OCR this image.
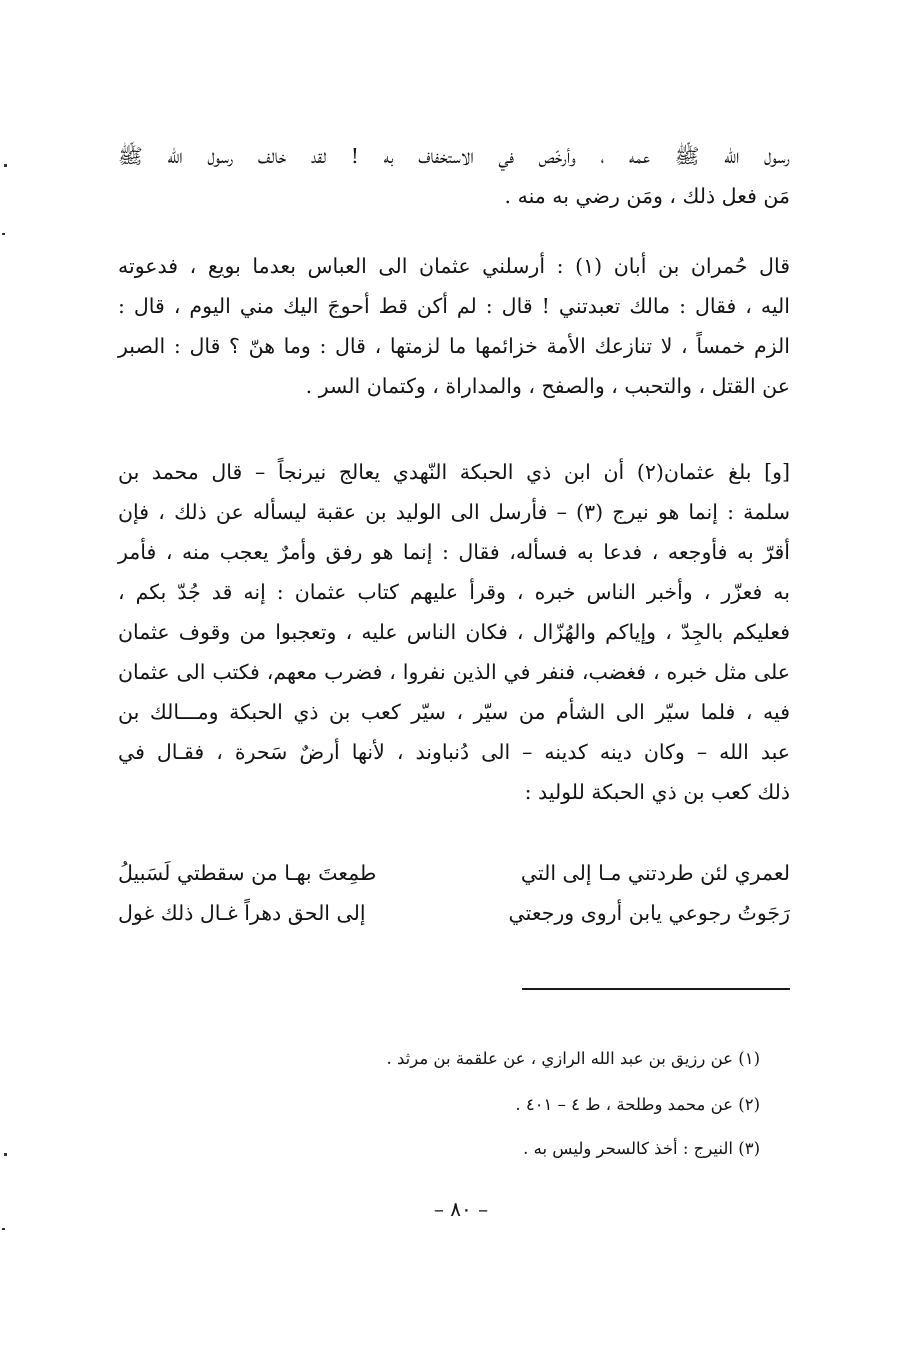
رسول الله ﷺ عمه ، وأرخّص في الاستخفاف به ! لقد خالف رسول الله ﷺ
مَن فعل ذلك ، ومَن رضي به منه .
قال حُمران بن أبان (١) : أرسلني عثمان الى العباس بعدما بويع ، فدعوته
اليه ، فقال : مالك تعبدتني ! قال : لم أكن قط أحوجَ اليك مني اليوم ، قال :
الزم خمساً ، لا تنازعك الأمة خزائمها ما لزمتها ، قال : وما هنّ ؟ قال : الصبر
عن القتل ، والتحبب ، والصفح ، والمداراة ، وكتمان السر .
[و] بلغ عثمان(٢) أن ابن ذي الحبكة النّهدي يعالج نيرنجاً – قال محمد بن
سلمة : إنما هو نيرج (٣) – فأرسل الى الوليد بن عقبة ليسأله عن ذلك ، فإن
أقرّ به فأوجعه ، فدعا به فسأله، فقال : إنما هو رفق وأمرٌ يعجب منه ، فأمر
به فعزّر ، وأخبر الناس خبره ، وقرأ عليهم كتاب عثمان : إنه قد جُدّ بكم ،
فعليكم بالجِدّ ، وإياكم والهُزّال ، فكان الناس عليه ، وتعجبوا من وقوف عثمان
على مثل خبره ، فغضب، فنفر في الذين نفروا ، فضرب معهم، فكتب الى عثمان
فيه ، فلما سيّر الى الشأم من سيّر ، سيّر كعب بن ذي الحبكة ومـــالك بن
عبد الله – وكان دينه كدينه – الى دُنباوند ، لأنها أرضٌ سَحرة ، فقـال في
ذلك كعب بن ذي الحبكة للوليد :
لعمري لئن طردتني مـا إلى التي
طمِعتَ بهـا من سقطتي لَسَبيلُ
رَجَوتُ رجوعي يابن أروى ورجعتي
إلى الحق دهراً غـال ذلك غول
(١) عن رزيق بن عبد الله الرازي ، عن علقمة بن مرثد .
(٢) عن محمد وطلحة ، ط ٤ – ٤٠١ .
(٣) النيرج : أخذ كالسحر وليس به .
– ٨٠ –
